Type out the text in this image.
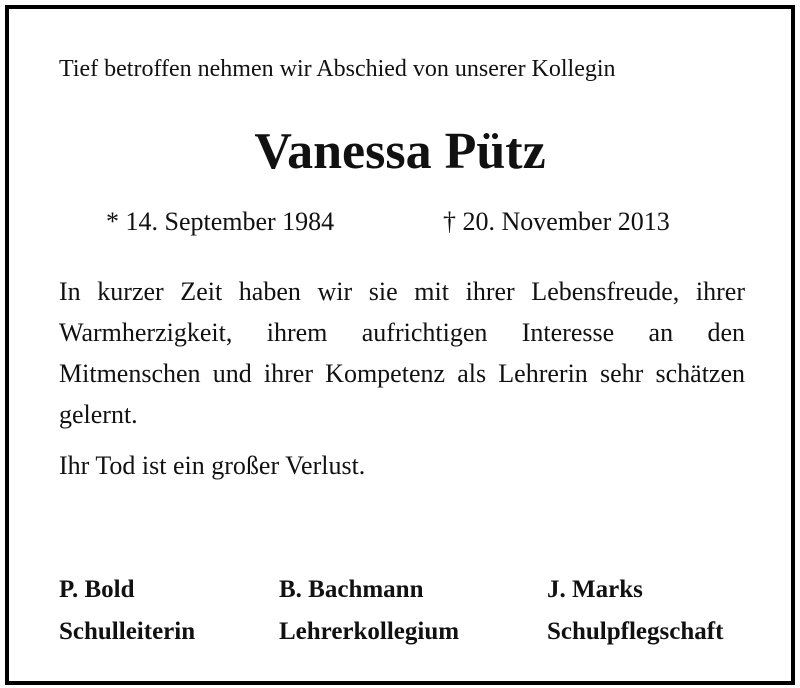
Tief betroffen nehmen wir Abschied von unserer Kollegin
Vanessa Pütz
* 14. September 1984	† 20. November 2013

In kurzer Zeit haben wir sie mit ihrer Lebensfreude, ihrer Warmherzigkeit, ihrem aufrichtigen Interesse an den Mitmenschen und ihrer Kompetenz als Lehrerin sehr schätzen gelernt.

Ihr Tod ist ein großer Verlust.
P. Bold
Schulleiterin
B. Bachmann
Lehrerkollegium
J. Marks
Schulpflegschaft
